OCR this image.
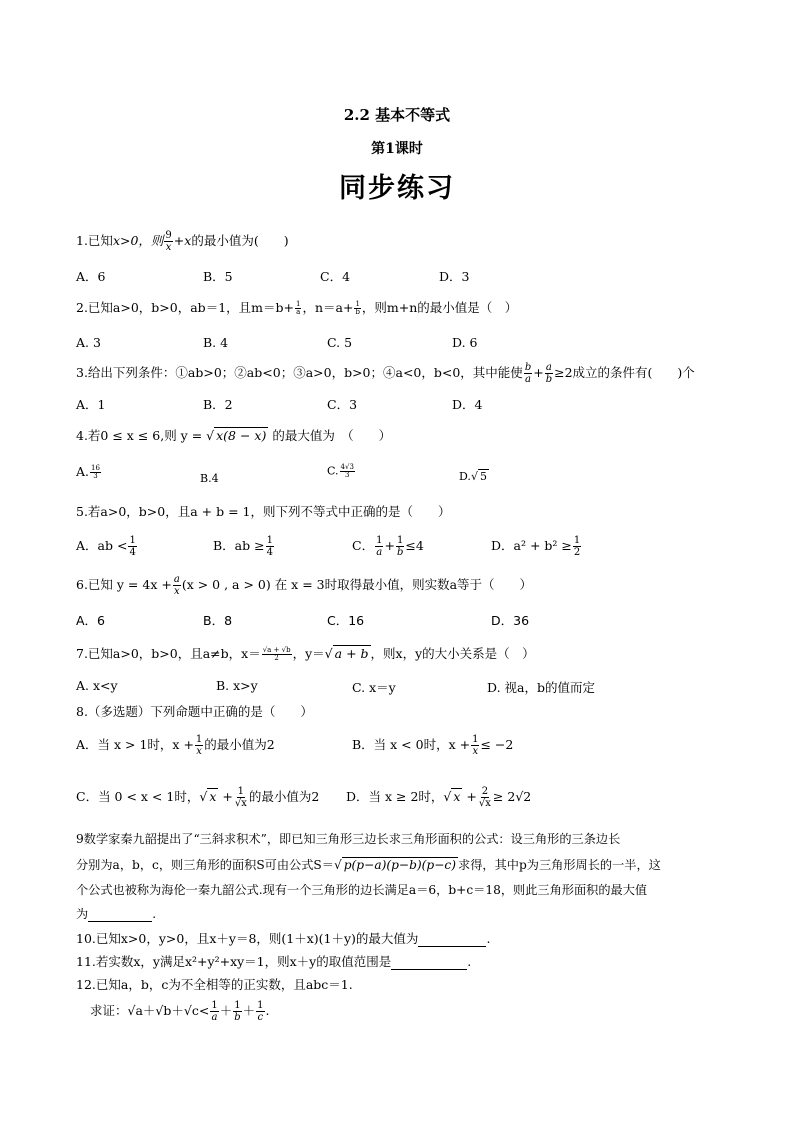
2.2 基本不等式
第1课时
同步练习
1.已知x>0，则 $\frac{9}{x} +x$的最小值为(　　)
A．6	B．5	C．4	D．3
2.已知a>0，b>0，ab＝1，且$m=b+ \frac{1}{a}$ ，$n=a+ \frac{1}{b}$ ，则m+n的最小值是（　）
A. 3	B. 4	C. 5	D. 6
3.给出下列条件：①ab>0；②ab<0；③a>0，b>0；④a<0，b<0，其中能使 $\frac{b}{a} + \frac{a}{b} \ge 2$成立的条件有(　　)个
A．1	B．2	C．3	D．4
4.若0 ≤ x ≤ 6,则 y = √ x(8 − x) 的最大值为　（　　）
A. $\frac{16}{3}$	B.4
C. $\frac{4√3}{3}$	D.√ 5
5.若a>0，b>0，且a + b = 1，则下列不等式中正确的是（　　）
A．ab < $\frac{1}{4}$	B．ab ≥ $\frac{1}{4}$	C． $\frac{1}{a} + \frac{1}{b} \le 4$	D．$a^2 + b^2 \ge \frac{1}{2}$
6.已知 $y = 4x + \frac{a}{x} (x > 0$ , a > 0) 在 x = 3时取得最小值，则实数a等于（　　）
A．6	B．8	C．16	D．36
7.已知a>0，b>0，且a≠b，$x= \frac{√a + √b}{2}$ ，y＝√ a + b ，则x，y的大小关系是（　）
A. x<y	B. x>y	C. x＝y	D. 视a，b的值而定
8.（多选题）下列命题中正确的是（　　）
A．当 x > 1时，$x + \frac{1}{x}$ 的最小值为2	B．当 x < 0时，$x + \frac{1}{x} \le -2$
C．当 0 < x < 1时，√ $x + \frac{1}{√x}$ 的最小值为2 D．当 x ≥ 2时，√ $x + \frac{2}{√x} \ge 2√2$
9数学家秦九韶提出了“三斜求积术”，即已知三角形三边长求三角形面积的公式：设三角形的三条边长
分别为a，b，c，则三角形的面积S可由公式S＝√ p(p−a)(p−b)(p−c) 求得，其中p为三角形周长的一半，这
个公式也被称为海伦一秦九韶公式.现有一个三角形的边长满足a＝6，b+c＝18，则此三角形面积的最大值
为	.
10.已知x>0，y>0，且x＋y＝8，则(1＋x)(1＋y)的最大值为	.
11.若实数x，y满足x²+y²+xy＝1，则x＋y的取值范围是	.
12.已知a，b，c为不全相等的正实数，且abc＝1.
求证：$√a+√b+√c< \frac{1}{a} + \frac{1}{b} + \frac{1}{c}$ .
